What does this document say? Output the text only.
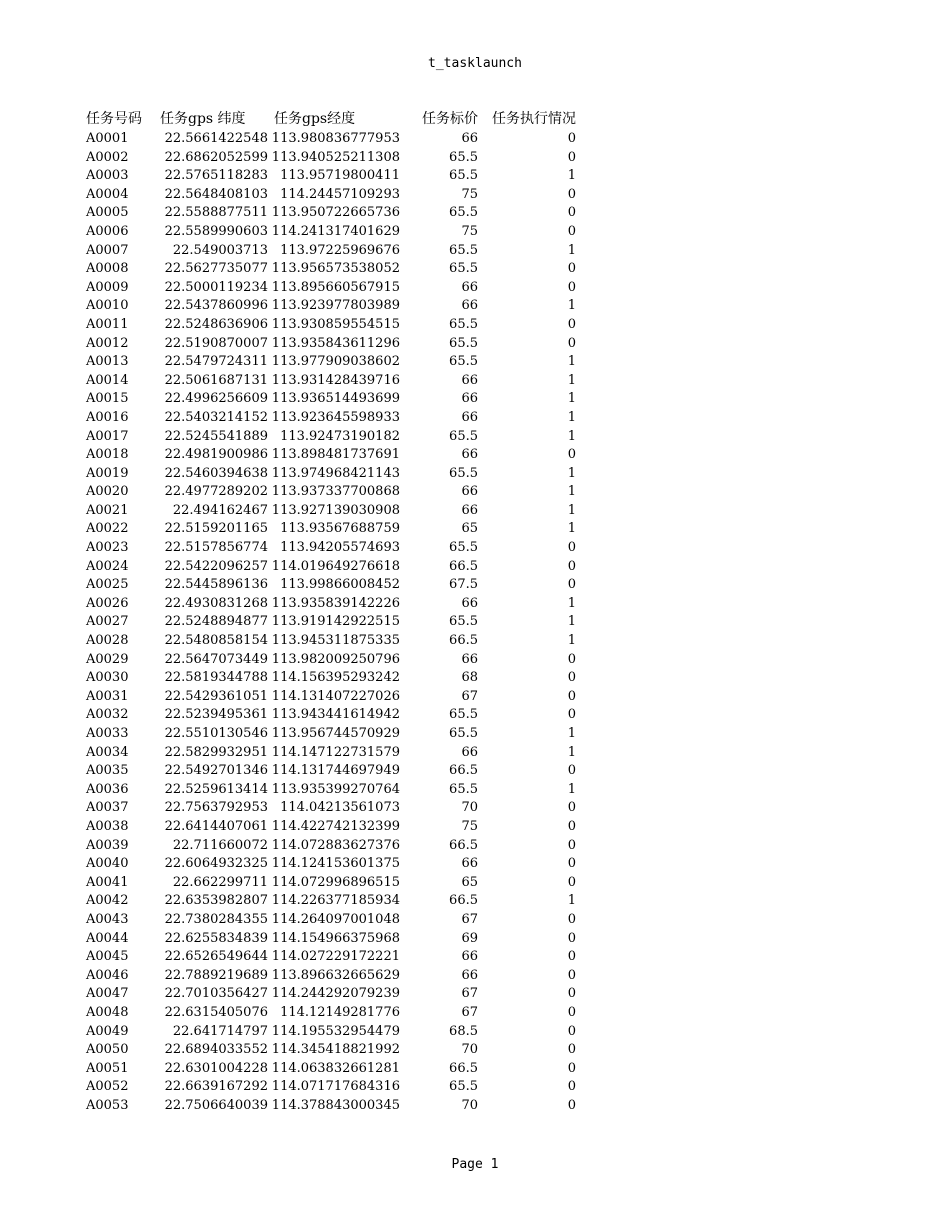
t_tasklaunch
任务号码	任务gps 纬度	任务gps经度	任务标价	任务执行情况
A0001	22.5661422548 113.980836777953	66	0
A0002	22.6862052599 113.940525211308	65.5	0
A0003	22.5765118283 113.95719800411	65.5	1
A0004	22.5648408103 114.24457109293	75	0
A0005	22.5588877511 113.950722665736	65.5	0
A0006	22.5589990603 114.241317401629	75	0
A0007	22.549003713 113.97225969676	65.5	1
A0008	22.5627735077 113.956573538052	65.5	0
A0009	22.5000119234 113.895660567915	66	0
A0010	22.5437860996 113.923977803989	66	1
A0011	22.5248636906 113.930859554515	65.5	0
A0012	22.5190870007 113.935843611296	65.5	0
A0013	22.5479724311 113.977909038602	65.5	1
A0014	22.5061687131 113.931428439716	66	1
A0015	22.4996256609 113.936514493699	66	1
A0016	22.5403214152 113.923645598933	66	1
A0017	22.5245541889 113.92473190182	65.5	1
A0018	22.4981900986 113.898481737691	66	0
A0019	22.5460394638 113.974968421143	65.5	1
A0020	22.4977289202 113.937337700868	66	1
A0021	22.494162467 113.927139030908	66	1
A0022	22.5159201165 113.93567688759	65	1
A0023	22.5157856774 113.94205574693	65.5	0
A0024	22.5422096257 114.019649276618	66.5	0
A0025	22.5445896136 113.99866008452	67.5	0
A0026	22.4930831268 113.935839142226	66	1
A0027	22.5248894877 113.919142922515	65.5	1
A0028	22.5480858154 113.945311875335	66.5	1
A0029	22.5647073449 113.982009250796	66	0
A0030	22.5819344788 114.156395293242	68	0
A0031	22.5429361051 114.131407227026	67	0
A0032	22.5239495361 113.943441614942	65.5	0
A0033	22.5510130546 113.956744570929	65.5	1
A0034	22.5829932951 114.147122731579	66	1
A0035	22.5492701346 114.131744697949	66.5	0
A0036	22.5259613414 113.935399270764	65.5	1
A0037	22.7563792953 114.04213561073	70	0
A0038	22.6414407061 114.422742132399	75	0
A0039	22.711660072 114.072883627376	66.5	0
A0040	22.6064932325 114.124153601375	66	0
A0041	22.662299711 114.072996896515	65	0
A0042	22.6353982807 114.226377185934	66.5	1
A0043	22.7380284355 114.264097001048	67	0
A0044	22.6255834839 114.154966375968	69	0
A0045	22.6526549644 114.027229172221	66	0
A0046	22.7889219689 113.896632665629	66	0
A0047	22.7010356427 114.244292079239	67	0
A0048	22.6315405076 114.12149281776	67	0
A0049	22.641714797 114.195532954479	68.5	0
A0050	22.6894033552 114.345418821992	70	0
A0051	22.6301004228 114.063832661281	66.5	0
A0052	22.6639167292 114.071717684316	65.5	0
A0053	22.7506640039 114.378843000345	70	0
Page 1
